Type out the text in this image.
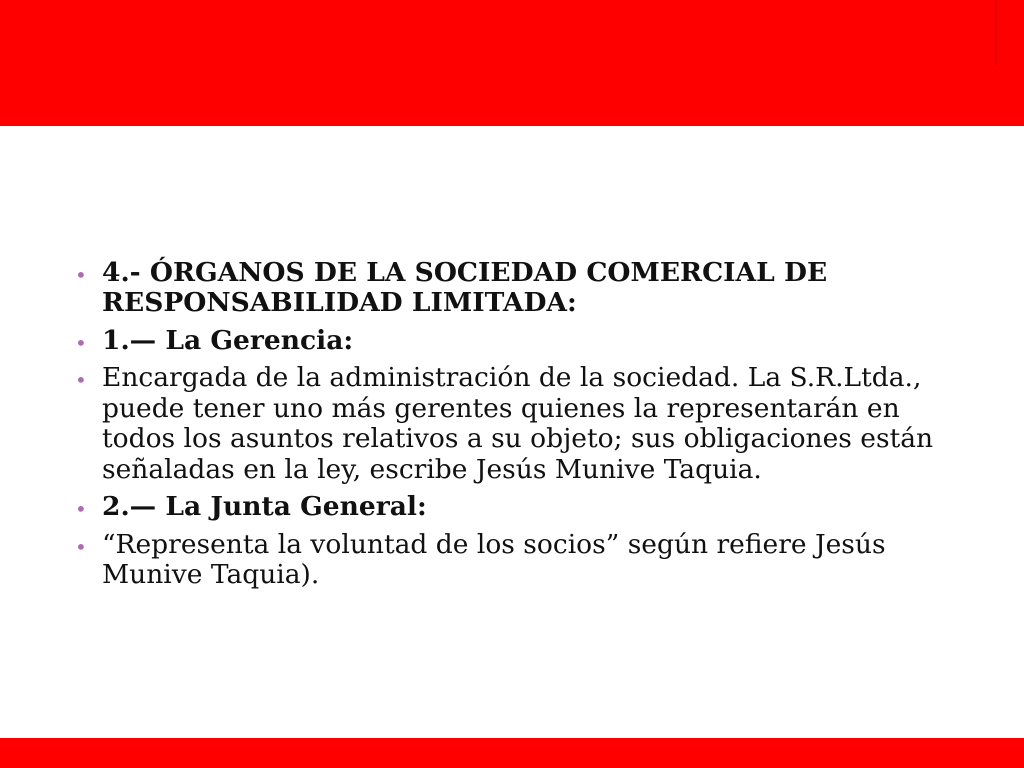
• 4.- ÓRGANOS DE LA SOCIEDAD COMERCIAL DE RESPONSABILIDAD LIMITADA:
• 1.— La Gerencia:
• Encargada de la administración de la sociedad. La S.R.Ltda., puede tener uno más gerentes quienes la representarán en todos los asuntos relativos a su objeto; sus obligaciones están señaladas en la ley, escribe Jesús Munive Taquia.
• 2.— La Junta General:
• “Representa la voluntad de los socios” según refiere Jesús Munive Taquia).
